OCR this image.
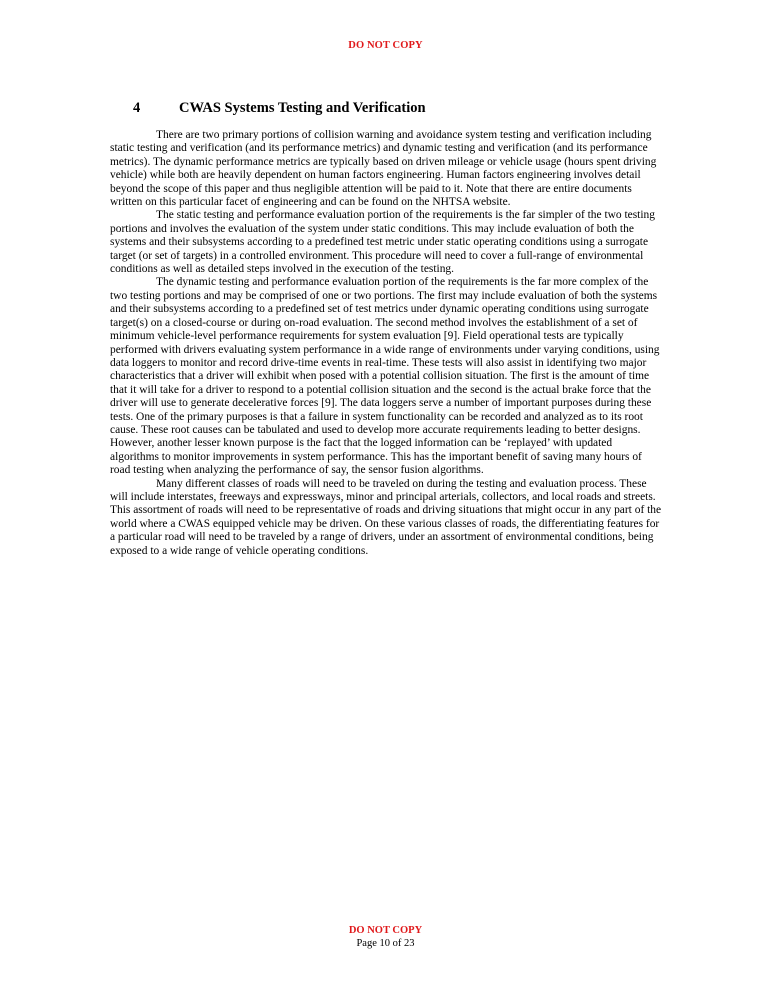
DO NOT COPY
4	CWAS Systems Testing and Verification

There are two primary portions of collision warning and avoidance system testing and verification including static testing and verification (and its performance metrics) and dynamic testing and verification (and its performance metrics). The dynamic performance metrics are typically based on driven mileage or vehicle usage (hours spent driving vehicle) while both are heavily dependent on human factors engineering. Human factors engineering involves detail beyond the scope of this paper and thus negligible attention will be paid to it. Note that there are entire documents written on this particular facet of engineering and can be found on the NHTSA website.

The static testing and performance evaluation portion of the requirements is the far simpler of the two testing portions and involves the evaluation of the system under static conditions. This may include evaluation of both the systems and their subsystems according to a predefined test metric under static operating conditions using a surrogate target (or set of targets) in a controlled environment. This procedure will need to cover a full-range of environmental conditions as well as detailed steps involved in the execution of the testing.

The dynamic testing and performance evaluation portion of the requirements is the far more complex of the two testing portions and may be comprised of one or two portions. The first may include evaluation of both the systems and their subsystems according to a predefined set of test metrics under dynamic operating conditions using surrogate target(s) on a closed-course or during on-road evaluation. The second method involves the establishment of a set of minimum vehicle-level performance requirements for system evaluation [9]. Field operational tests are typically performed with drivers evaluating system performance in a wide range of environments under varying conditions, using data loggers to monitor and record drive-time events in real-time. These tests will also assist in identifying two major characteristics that a driver will exhibit when posed with a potential collision situation. The first is the amount of time that it will take for a driver to respond to a potential collision situation and the second is the actual brake force that the driver will use to generate decelerative forces [9]. The data loggers serve a number of important purposes during these tests. One of the primary purposes is that a failure in system functionality can be recorded and analyzed as to its root cause. These root causes can be tabulated and used to develop more accurate requirements leading to better designs. However, another lesser known purpose is the fact that the logged information can be ‘replayed’ with updated algorithms to monitor improvements in system performance. This has the important benefit of saving many hours of road testing when analyzing the performance of say, the sensor fusion algorithms.

Many different classes of roads will need to be traveled on during the testing and evaluation process. These will include interstates, freeways and expressways, minor and principal arterials, collectors, and local roads and streets. This assortment of roads will need to be representative of roads and driving situations that might occur in any part of the world where a CWAS equipped vehicle may be driven. On these various classes of roads, the differentiating features for a particular road will need to be traveled by a range of drivers, under an assortment of environmental conditions, being exposed to a wide range of vehicle operating conditions.

DO NOT COPY
Page 10 of 23
